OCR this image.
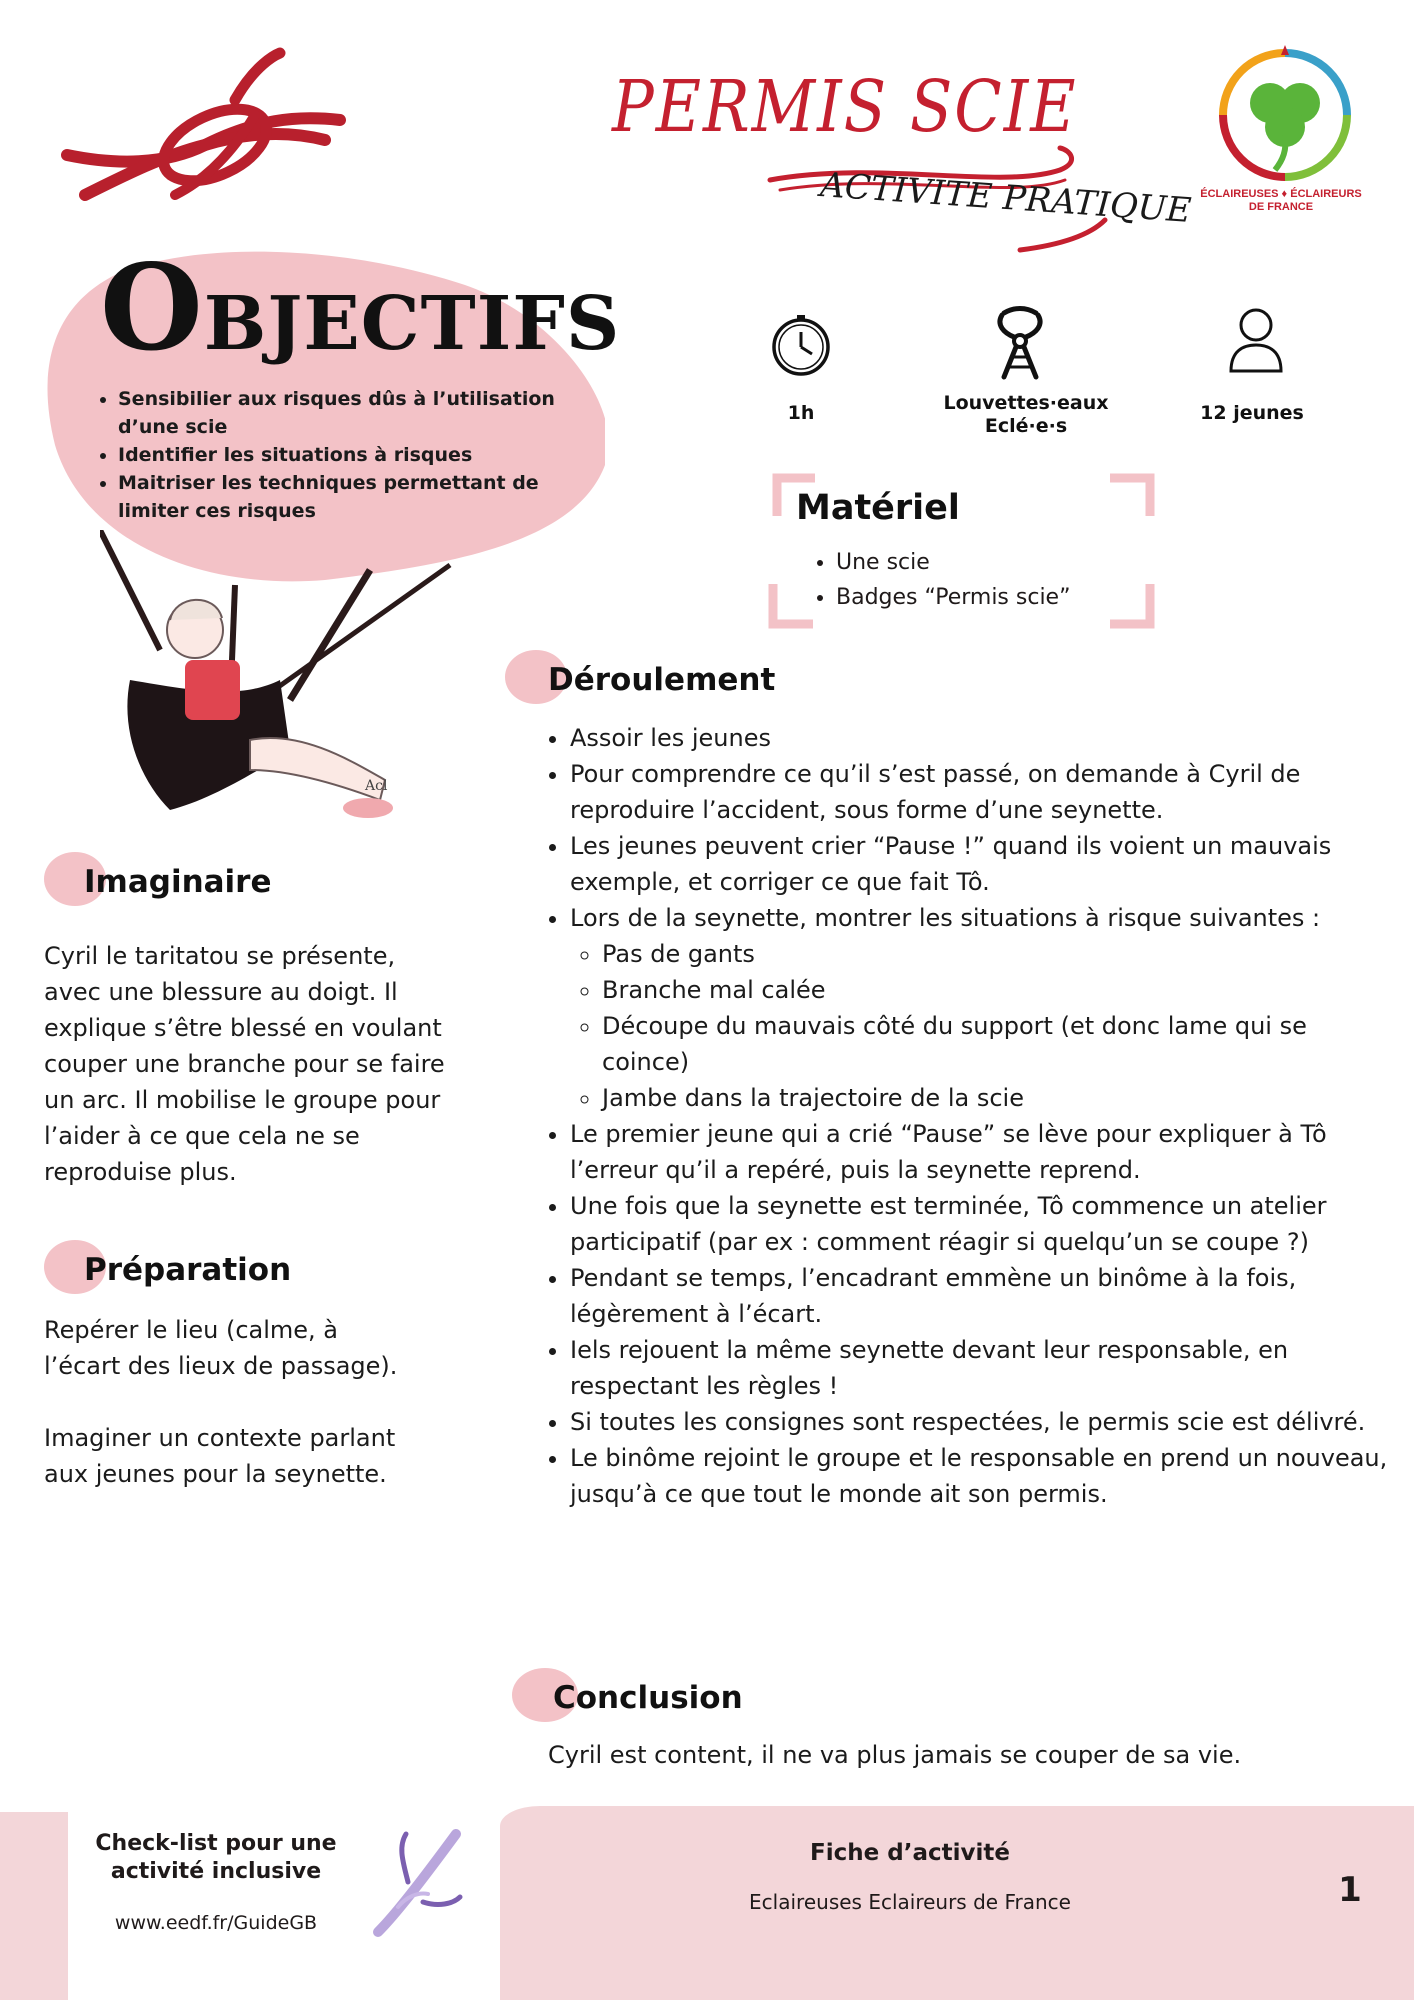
PERMIS SCIE
ACTIVITE PRATIQUE ÉCLAIREUSES ♦ ÉCLAIREURS
DE FRANCE
OBJECTIFS
• Sensibilier aux risques dûs à l’utilisation d’une scie
• Identifier les situations à risques
• Maitriser les techniques permettant de limiter ces risques
Acl
1h	Louvettes·eaux
Eclé·e·s
12 jeunes
Matériel
• Une scie
• Badges “Permis scie”
Déroulement
• Assoir les jeunes
• Pour comprendre ce qu’il s’est passé, on demande à Cyril de reproduire l’accident, sous forme d’une seynette.
• Les jeunes peuvent crier “Pause !” quand ils voient un mauvais exemple, et corriger ce que fait Tô.
• Lors de la seynette, montrer les situations à risque suivantes :
◦ Pas de gants
◦ Branche mal calée
◦ Découpe du mauvais côté du support (et donc lame qui se coince)
◦ Jambe dans la trajectoire de la scie
• Le premier jeune qui a crié “Pause” se lève pour expliquer à Tô l’erreur qu’il a repéré, puis la seynette reprend.
• Une fois que la seynette est terminée, Tô commence un atelier participatif (par ex : comment réagir si quelqu’un se coupe ?)
• Pendant se temps, l’encadrant emmène un binôme à la fois, légèrement à l’écart.
• Iels rejouent la même seynette devant leur responsable, en respectant les règles !
• Si toutes les consignes sont respectées, le permis scie est délivré.
• Le binôme rejoint le groupe et le responsable en prend un nouveau, jusqu’à ce que tout le monde ait son permis.
Imaginaire
Cyril le taritatou se présente,
avec une blessure au doigt. Il
explique s’être blessé en voulant
couper une branche pour se faire
un arc. Il mobilise le groupe pour
l’aider à ce que cela ne se
reproduise plus.
Préparation
Repérer le lieu (calme, à
l’écart des lieux de passage).
Imaginer un contexte parlant
aux jeunes pour la seynette.
Conclusion
Cyril est content, il ne va plus jamais se couper de sa vie.
Check-list pour une
activité inclusive
www.eedf.fr/GuideGB
Fiche d’activité
Eclaireuses Eclaireurs de France	1
